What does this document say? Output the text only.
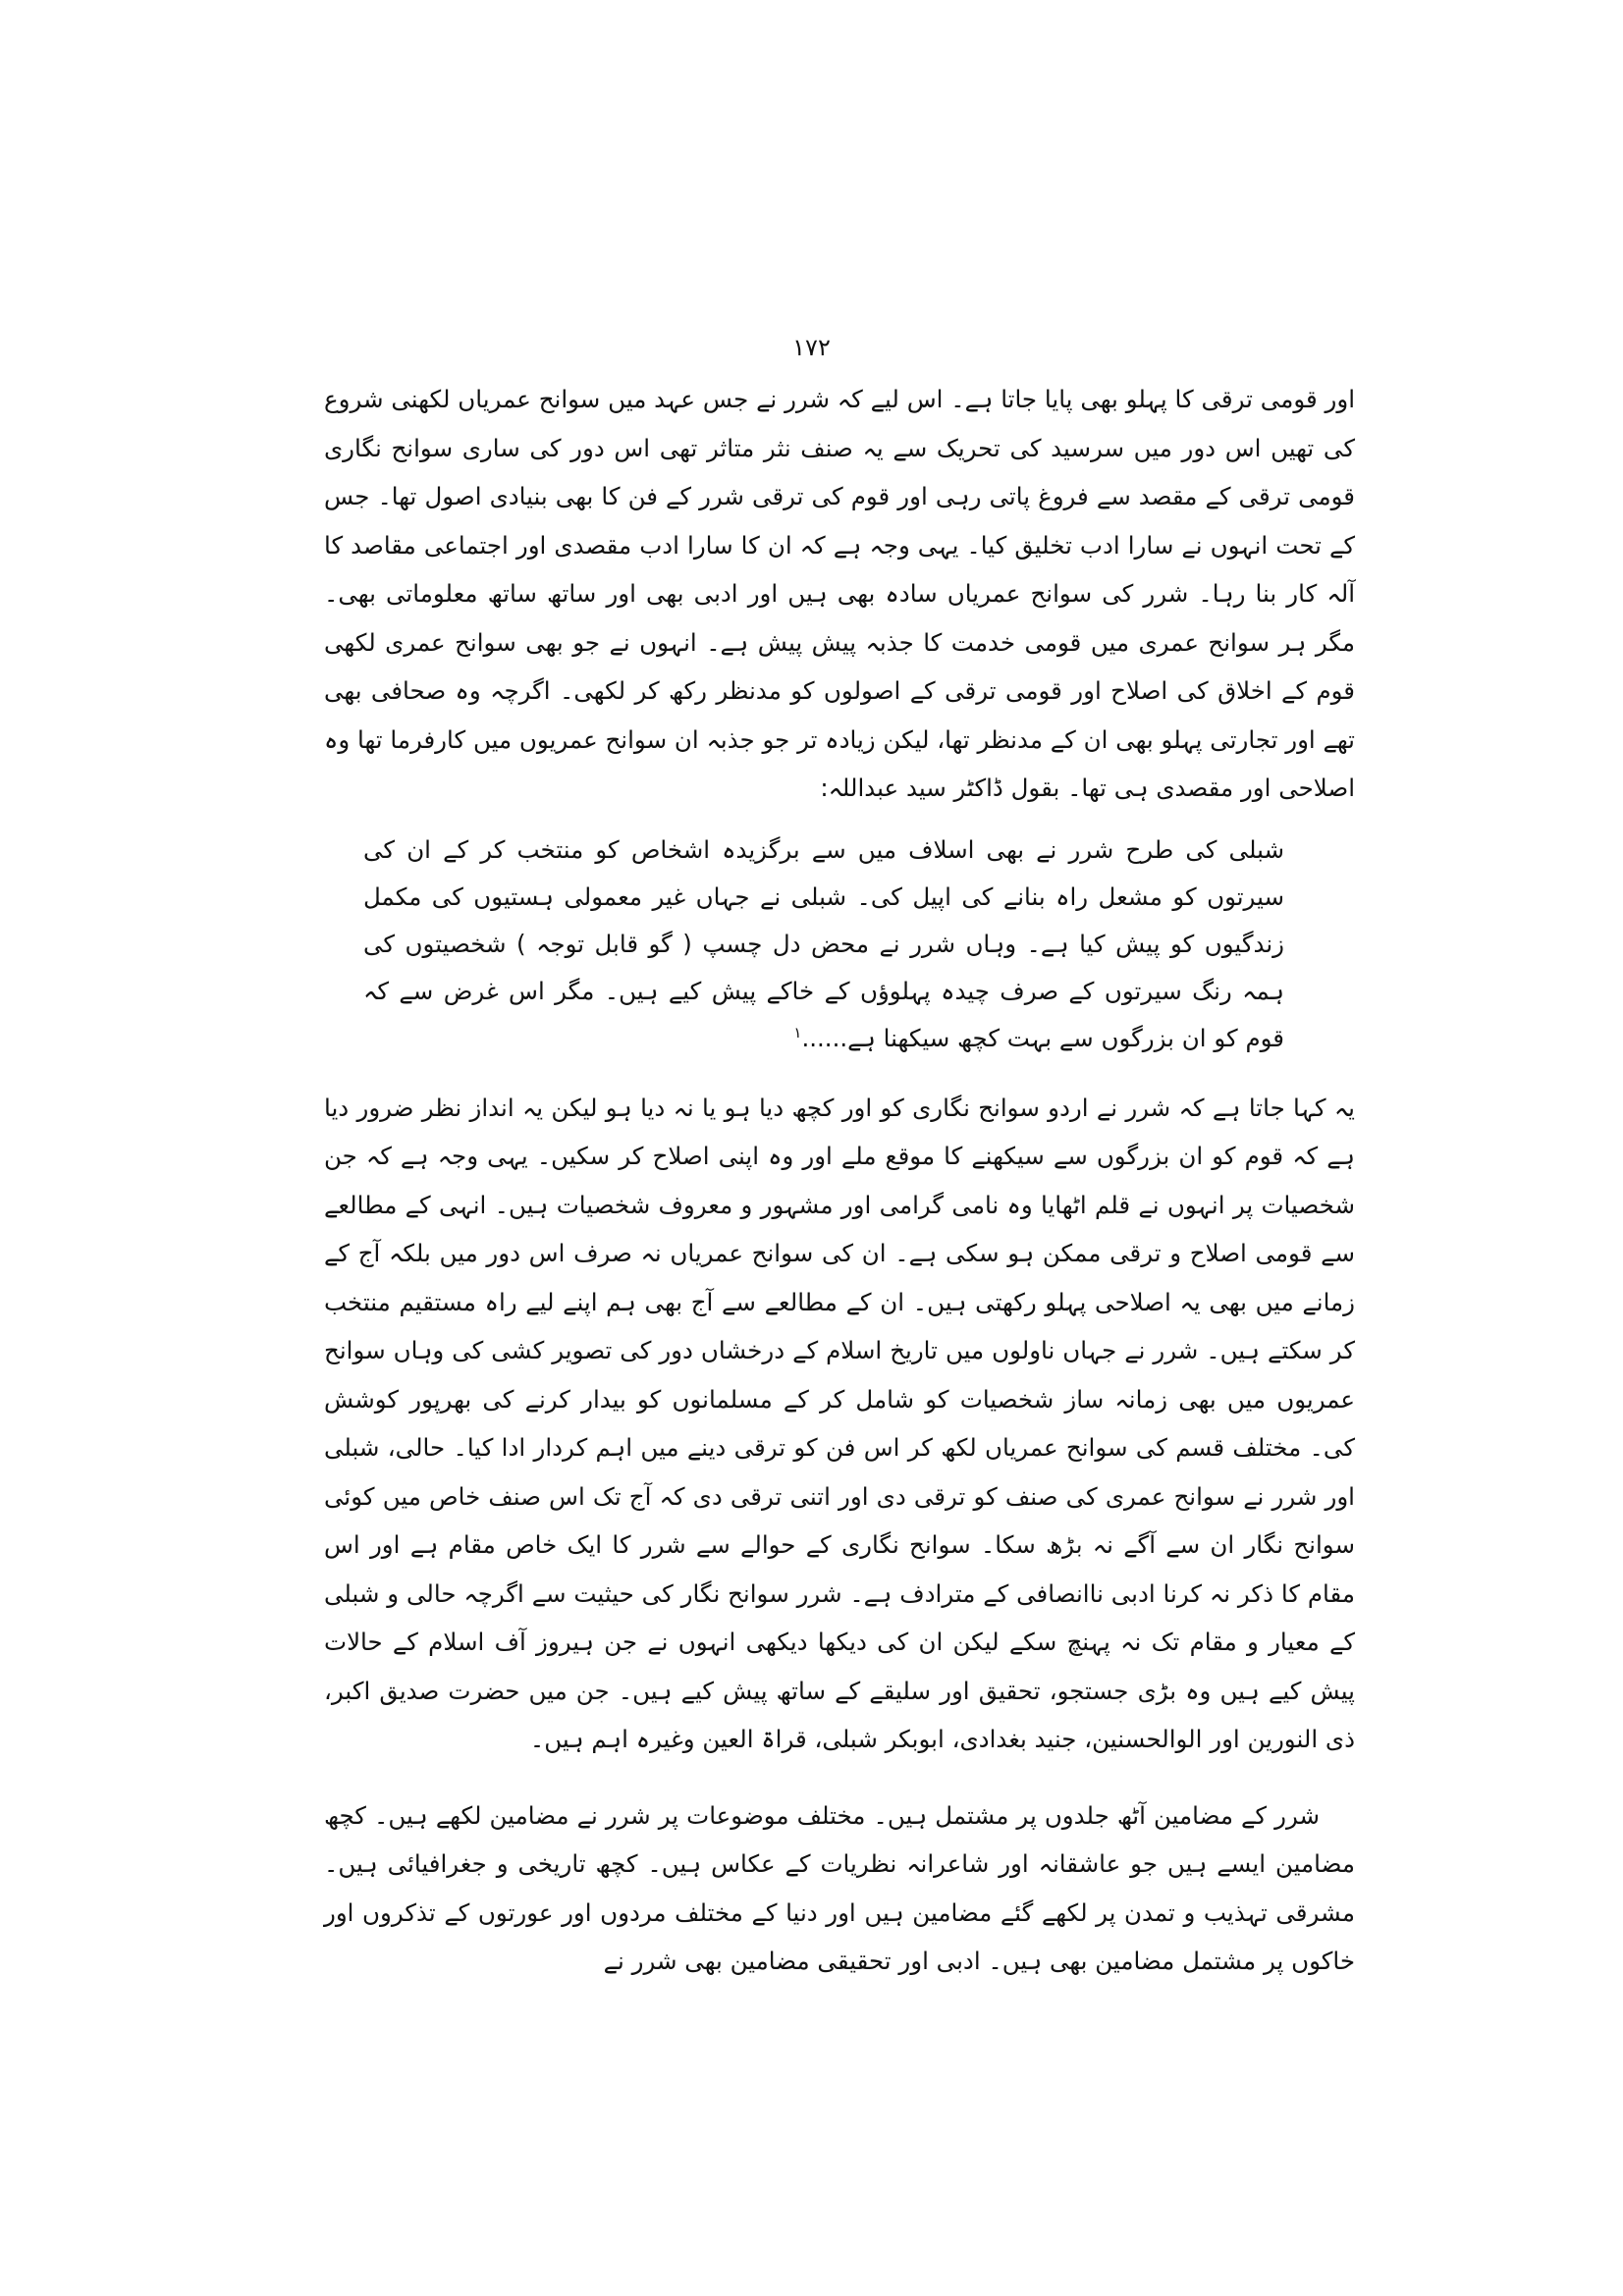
۱۷۲

اور قومی ترقی کا پہلو بھی پایا جاتا ہے۔ اس لیے کہ شرر نے جس عہد میں سوانح عمریاں لکھنی شروع کی تھیں اس دور میں سرسید کی تحریک سے یہ صنف نثر متاثر تھی اس دور کی ساری سوانح نگاری قومی ترقی کے مقصد سے فروغ پاتی رہی اور قوم کی ترقی شرر کے فن کا بھی بنیادی اصول تھا۔ جس کے تحت انہوں نے سارا ادب تخلیق کیا۔ یہی وجہ ہے کہ ان کا سارا ادب مقصدی اور اجتماعی مقاصد کا آلہ کار بنا رہا۔ شرر کی سوانح عمریاں سادہ بھی ہیں اور ادبی بھی اور ساتھ ساتھ معلوماتی بھی۔ مگر ہر سوانح عمری میں قومی خدمت کا جذبہ پیش پیش ہے۔ انہوں نے جو بھی سوانح عمری لکھی قوم کے اخلاق کی اصلاح اور قومی ترقی کے اصولوں کو مدنظر رکھ کر لکھی۔ اگرچہ وہ صحافی بھی تھے اور تجارتی پہلو بھی ان کے مدنظر تھا، لیکن زیادہ تر جو جذبہ ان سوانح عمریوں میں کارفرما تھا وہ اصلاحی اور مقصدی ہی تھا۔ بقول ڈاکٹر سید عبداللہ:

شبلی کی طرح شرر نے بھی اسلاف میں سے برگزیدہ اشخاص کو منتخب کر کے ان کی سیرتوں کو مشعل راہ بنانے کی اپیل کی۔ شبلی نے جہاں غیر معمولی ہستیوں کی مکمل زندگیوں کو پیش کیا ہے۔ وہاں شرر نے محض دل چسپ ( گو قابل توجہ ) شخصیتوں کی ہمہ رنگ سیرتوں کے صرف چیدہ پہلوؤں کے خاکے پیش کیے ہیں۔ مگر اس غرض سے کہ قوم کو ان بزرگوں سے بہت کچھ سیکھنا ہے......$^۱$

یہ کہا جاتا ہے کہ شرر نے اردو سوانح نگاری کو اور کچھ دیا ہو یا نہ دیا ہو لیکن یہ انداز نظر ضرور دیا ہے کہ قوم کو ان بزرگوں سے سیکھنے کا موقع ملے اور وہ اپنی اصلاح کر سکیں۔ یہی وجہ ہے کہ جن شخصیات پر انہوں نے قلم اٹھایا وہ نامی گرامی اور مشہور و معروف شخصیات ہیں۔ انہی کے مطالعے سے قومی اصلاح و ترقی ممکن ہو سکی ہے۔ ان کی سوانح عمریاں نہ صرف اس دور میں بلکہ آج کے زمانے میں بھی یہ اصلاحی پہلو رکھتی ہیں۔ ان کے مطالعے سے آج بھی ہم اپنے لیے راہ مستقیم منتخب کر سکتے ہیں۔ شرر نے جہاں ناولوں میں تاریخ اسلام کے درخشاں دور کی تصویر کشی کی وہاں سوانح عمریوں میں بھی زمانہ ساز شخصیات کو شامل کر کے مسلمانوں کو بیدار کرنے کی بھرپور کوشش کی۔ مختلف قسم کی سوانح عمریاں لکھ کر اس فن کو ترقی دینے میں اہم کردار ادا کیا۔ حالی، شبلی اور شرر نے سوانح عمری کی صنف کو ترقی دی اور اتنی ترقی دی کہ آج تک اس صنف خاص میں کوئی سوانح نگار ان سے آگے نہ بڑھ سکا۔ سوانح نگاری کے حوالے سے شرر کا ایک خاص مقام ہے اور اس مقام کا ذکر نہ کرنا ادبی ناانصافی کے مترادف ہے۔ شرر سوانح نگار کی حیثیت سے اگرچہ حالی و شبلی کے معیار و مقام تک نہ پہنچ سکے لیکن ان کی دیکھا دیکھی انہوں نے جن ہیروز آف اسلام کے حالات پیش کیے ہیں وہ بڑی جستجو، تحقیق اور سلیقے کے ساتھ پیش کیے ہیں۔ جن میں حضرت صدیق اکبر، ذی النورین اور الوالحسنین، جنید بغدادی، ابوبکر شبلی، قراۃ العین وغیرہ اہم ہیں۔

شرر کے مضامین آٹھ جلدوں پر مشتمل ہیں۔ مختلف موضوعات پر شرر نے مضامین لکھے ہیں۔ کچھ مضامین ایسے ہیں جو عاشقانہ اور شاعرانہ نظریات کے عکاس ہیں۔ کچھ تاریخی و جغرافیائی ہیں۔ مشرقی تہذیب و تمدن پر لکھے گئے مضامین ہیں اور دنیا کے مختلف مردوں اور عورتوں کے تذکروں اور خاکوں پر مشتمل مضامین بھی ہیں۔ ادبی اور تحقیقی مضامین بھی شرر نے
